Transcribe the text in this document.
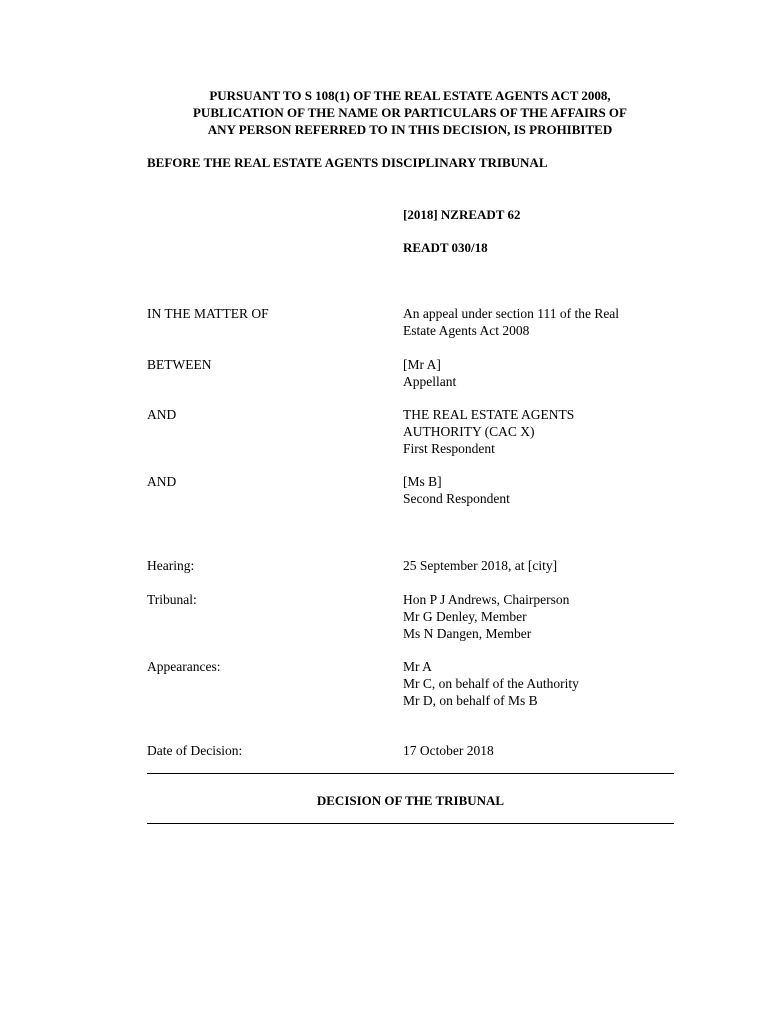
PURSUANT TO S 108(1) OF THE REAL ESTATE AGENTS ACT 2008,
PUBLICATION OF THE NAME OR PARTICULARS OF THE AFFAIRS OF
ANY PERSON REFERRED TO IN THIS DECISION, IS PROHIBITED
BEFORE THE REAL ESTATE AGENTS DISCIPLINARY TRIBUNAL
[2018] NZREADT 62
READT 030/18
IN THE MATTER OF	An appeal under section 111 of the Real
Estate Agents Act 2008
BETWEEN	[Mr A]
Appellant
AND	THE REAL ESTATE AGENTS
AUTHORITY (CAC X)
First Respondent
AND	[Ms B]
Second Respondent
Hearing:	25 September 2018, at [city]
Tribunal:	Hon P J Andrews, Chairperson
Mr G Denley, Member
Ms N Dangen, Member
Appearances:	Mr A
Mr C, on behalf of the Authority
Mr D, on behalf of Ms B
Date of Decision:	17 October 2018
DECISION OF THE TRIBUNAL
